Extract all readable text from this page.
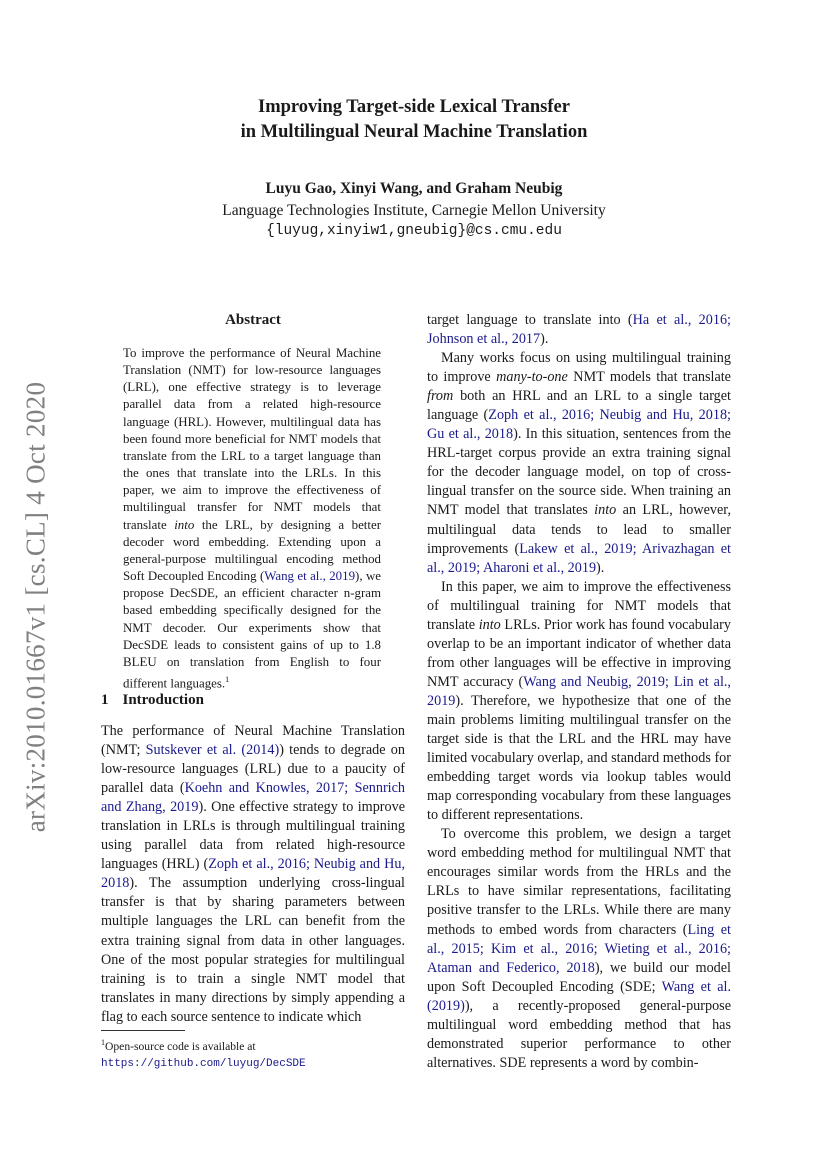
arXiv:2010.01667v1 [cs.CL] 4 Oct 2020
Improving Target-side Lexical Transfer
in Multilingual Neural Machine Translation
Luyu Gao, Xinyi Wang, and Graham Neubig
Language Technologies Institute, Carnegie Mellon University
{luyug,xinyiw1,gneubig}@cs.cmu.edu
Abstract
To improve the performance of Neural Machine Translation (NMT) for low-resource languages (LRL), one effective strategy is to leverage parallel data from a related high-resource language (HRL). However, multilingual data has been found more beneficial for NMT models that translate from the LRL to a target language than the ones that translate into the LRLs. In this paper, we aim to improve the effectiveness of multilingual transfer for NMT models that translate into the LRL, by designing a better decoder word embedding. Extending upon a general-purpose multilingual encoding method Soft Decoupled Encoding (Wang et al., 2019), we propose DecSDE, an efficient character n-gram based embedding specifically designed for the NMT decoder. Our experiments show that DecSDE leads to consistent gains of up to 1.8 BLEU on translation from English to four different languages.$^1$
1 Introduction
The performance of Neural Machine Translation (NMT; Sutskever et al. (2014)) tends to degrade on low-resource languages (LRL) due to a paucity of parallel data (Koehn and Knowles, 2017; Sennrich and Zhang, 2019). One effective strategy to improve translation in LRLs is through multilingual training using parallel data from related high-resource languages (HRL) (Zoph et al., 2016; Neubig and Hu, 2018). The assumption underlying cross-lingual transfer is that by sharing parameters between multiple languages the LRL can benefit from the extra training signal from data in other languages. One of the most popular strategies for multilingual training is to train a single NMT model that translates in many directions by simply appending a flag to each source sentence to indicate which

target language to translate into (Ha et al., 2016; Johnson et al., 2017).

Many works focus on using multilingual training to improve many-to-one NMT models that translate from both an HRL and an LRL to a single target language (Zoph et al., 2016; Neubig and Hu, 2018; Gu et al., 2018). In this situation, sentences from the HRL-target corpus provide an extra training signal for the decoder language model, on top of cross-lingual transfer on the source side. When training an NMT model that translates into an LRL, however, multilingual data tends to lead to smaller improvements (Lakew et al., 2019; Arivazhagan et al., 2019; Aharoni et al., 2019).

In this paper, we aim to improve the effectiveness of multilingual training for NMT models that translate into LRLs. Prior work has found vocabulary overlap to be an important indicator of whether data from other languages will be effective in improving NMT accuracy (Wang and Neubig, 2019; Lin et al., 2019). Therefore, we hypothesize that one of the main problems limiting multilingual transfer on the target side is that the LRL and the HRL may have limited vocabulary overlap, and standard methods for embedding target words via lookup tables would map corresponding vocabulary from these languages to different representations.

To overcome this problem, we design a target word embedding method for multilingual NMT that encourages similar words from the HRLs and the LRLs to have similar representations, facilitating positive transfer to the LRLs. While there are many methods to embed words from characters (Ling et al., 2015; Kim et al., 2016; Wieting et al., 2016; Ataman and Federico, 2018), we build our model upon Soft Decoupled Encoding (SDE; Wang et al. (2019)), a recently-proposed general-purpose multilingual word embedding method that has demonstrated superior performance to other alternatives. SDE represents a word by combin-

$^1$Open-source code is available at https://github.com/luyug/DecSDE
